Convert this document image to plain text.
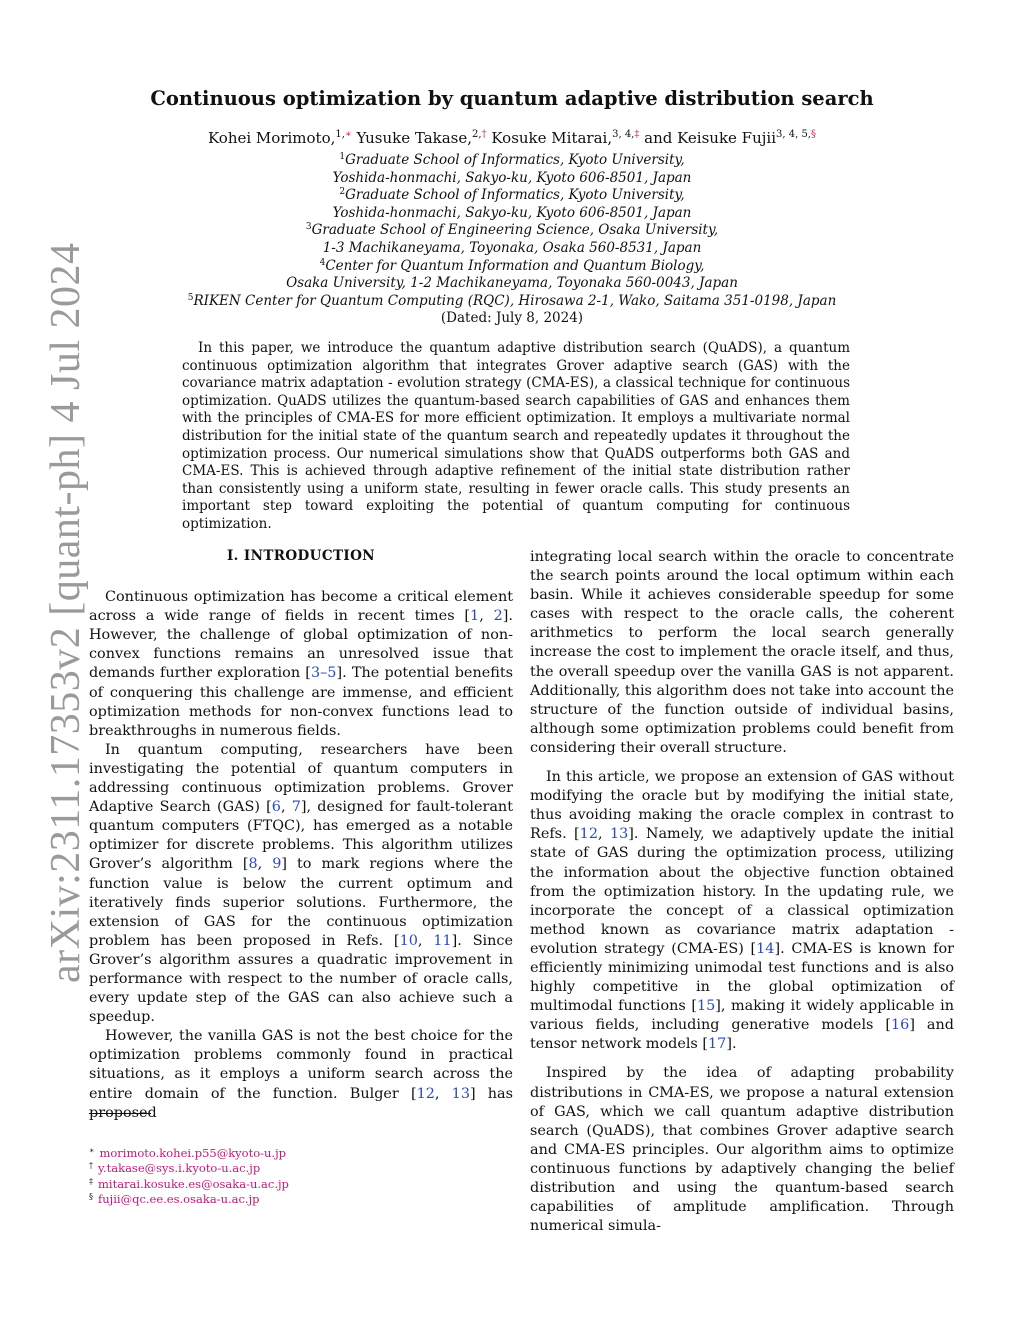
arXiv:2311.17353v2 [quant-ph] 4 Jul 2024
Continuous optimization by quantum adaptive distribution search
Kohei Morimoto,$^{1,∗}$ Yusuke Takase,$^{2,\dagger}$ Kosuke Mitarai,$^{3, 4,\ddagger}$ and Keisuke Fujii$^{3, 4, 5,\S}$
$^1$Graduate School of Informatics, Kyoto University,
Yoshida-honmachi, Sakyo-ku, Kyoto 606-8501, Japan
$^2$Graduate School of Informatics, Kyoto University,
Yoshida-honmachi, Sakyo-ku, Kyoto 606-8501, Japan
$^3$Graduate School of Engineering Science, Osaka University,
1-3 Machikaneyama, Toyonaka, Osaka 560-8531, Japan
$^4$Center for Quantum Information and Quantum Biology,
Osaka University, 1-2 Machikaneyama, Toyonaka 560-0043, Japan
$^5$RIKEN Center for Quantum Computing (RQC), Hirosawa 2-1, Wako, Saitama 351-0198, Japan
(Dated: July 8, 2024)

In this paper, we introduce the quantum adaptive distribution search (QuADS), a quantum continuous optimization algorithm that integrates Grover adaptive search (GAS) with the covariance matrix adaptation - evolution strategy (CMA-ES), a classical technique for continuous optimization. QuADS utilizes the quantum-based search capabilities of GAS and enhances them with the principles of CMA-ES for more efficient optimization. It employs a multivariate normal distribution for the initial state of the quantum search and repeatedly updates it throughout the optimization process. Our numerical simulations show that QuADS outperforms both GAS and CMA-ES. This is achieved through adaptive refinement of the initial state distribution rather than consistently using a uniform state, resulting in fewer oracle calls. This study presents an important step toward exploiting the potential of quantum computing for continuous optimization.

I. INTRODUCTION

Continuous optimization has become a critical element across a wide range of fields in recent times [1, 2]. However, the challenge of global optimization of non-convex functions remains an unresolved issue that demands further exploration [3–5]. The potential benefits of conquering this challenge are immense, and efficient optimization methods for non-convex functions lead to breakthroughs in numerous fields.

In quantum computing, researchers have been investigating the potential of quantum computers in addressing continuous optimization problems. Grover Adaptive Search (GAS) [6, 7], designed for fault-tolerant quantum computers (FTQC), has emerged as a notable optimizer for discrete problems. This algorithm utilizes Grover’s algorithm [8, 9] to mark regions where the function value is below the current optimum and iteratively finds superior solutions. Furthermore, the extension of GAS for the continuous optimization problem has been proposed in Refs. [10, 11]. Since Grover’s algorithm assures a quadratic improvement in performance with respect to the number of oracle calls, every update step of the GAS can also achieve such a speedup.

However, the vanilla GAS is not the best choice for the optimization problems commonly found in practical situations, as it employs a uniform search across the entire domain of the function. Bulger [12, 13] has proposed

integrating local search within the oracle to concentrate the search points around the local optimum within each basin. While it achieves considerable speedup for some cases with respect to the oracle calls, the coherent arithmetics to perform the local search generally increase the cost to implement the oracle itself, and thus, the overall speedup over the vanilla GAS is not apparent. Additionally, this algorithm does not take into account the structure of the function outside of individual basins, although some optimization problems could benefit from considering their overall structure.

In this article, we propose an extension of GAS without modifying the oracle but by modifying the initial state, thus avoiding making the oracle complex in contrast to Refs. [12, 13]. Namely, we adaptively update the initial state of GAS during the optimization process, utilizing the information about the objective function obtained from the optimization history. In the updating rule, we incorporate the concept of a classical optimization method known as covariance matrix adaptation - evolution strategy (CMA-ES) [14]. CMA-ES is known for efficiently minimizing unimodal test functions and is also highly competitive in the global optimization of multimodal functions [15], making it widely applicable in various fields, including generative models [16] and tensor network models [17].

Inspired by the idea of adapting probability distributions in CMA-ES, we propose a natural extension of GAS, which we call quantum adaptive distribution search (QuADS), that combines Grover adaptive search and CMA-ES principles. Our algorithm aims to optimize continuous functions by adaptively changing the belief distribution and using the quantum-based search capabilities of amplitude amplification. Through numerical simula-

∗ morimoto.kohei.p55@kyoto-u.jp
† y.takase@sys.i.kyoto-u.ac.jp
‡ mitarai.kosuke.es@osaka-u.ac.jp
§ fujii@qc.ee.es.osaka-u.ac.jp
